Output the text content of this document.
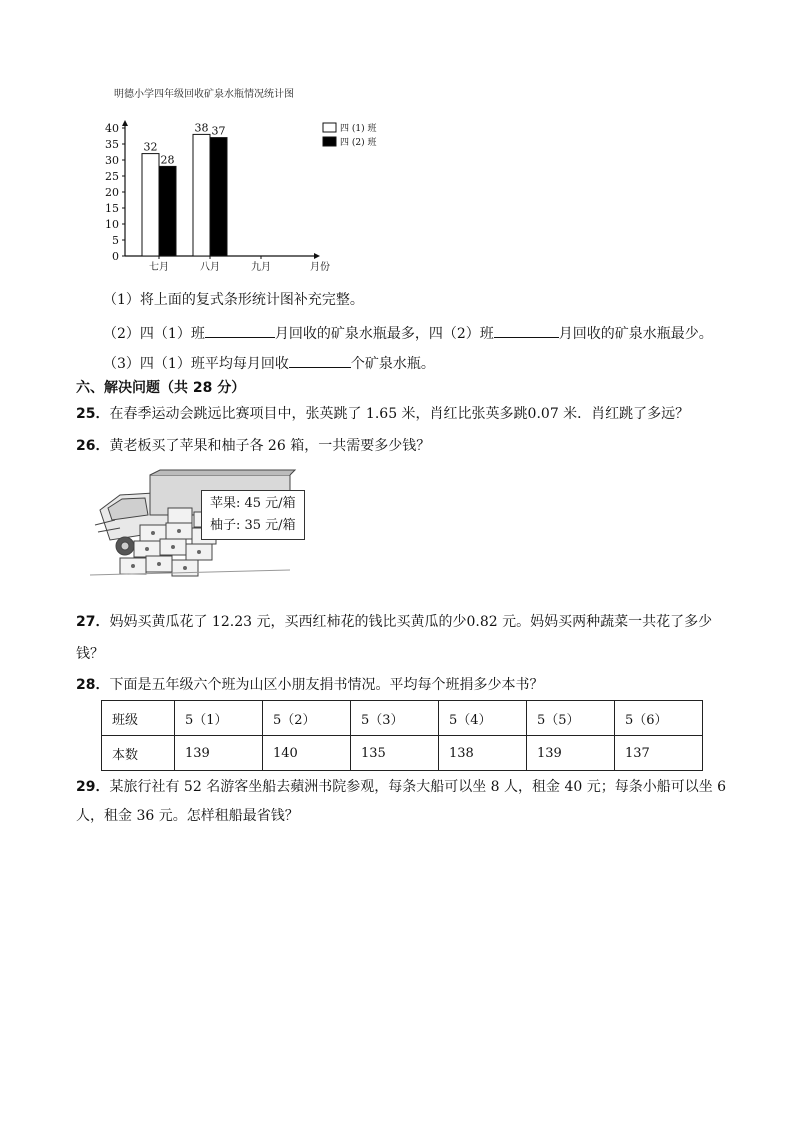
明德小学四年级回收矿泉水瓶情况统计图
0
5
10
15
20
25
30
35
40
32
28
七月
38 37
八月	九月	月份
四 (1) 班
四 (2) 班
（1）将上面的复式条形统计图补充完整。
（2）四（1）班	月回收的矿泉水瓶最多，四（2）班	月回收的矿泉水瓶最少。
（3）四（1）班平均每月回收	个矿泉水瓶。
六、解决问题（共 28 分）
25．在春季运动会跳远比赛项目中，张英跳了 1.65 米，肖红比张英多跳0.07 米．肖红跳了多远？
26．黄老板买了苹果和柚子各 26 箱，一共需要多少钱？
苹果: 45 元/箱
柚子: 35 元/箱
27．妈妈买黄瓜花了 12.23 元，买西红柿花的钱比买黄瓜的少0.82 元。妈妈买两种蔬菜一共花了多少
钱？
28．下面是五年级六个班为山区小朋友捐书情况。平均每个班捐多少本书？
班级	5（1）	5（2）	5（3）	5（4）	5（5）	5（6）
本数	139	140	135	138	139	137
29．某旅行社有 52 名游客坐船去蘋洲书院参观，每条大船可以坐 8 人，租金 40 元；每条小船可以坐 6
人，租金 36 元。怎样租船最省钱？
